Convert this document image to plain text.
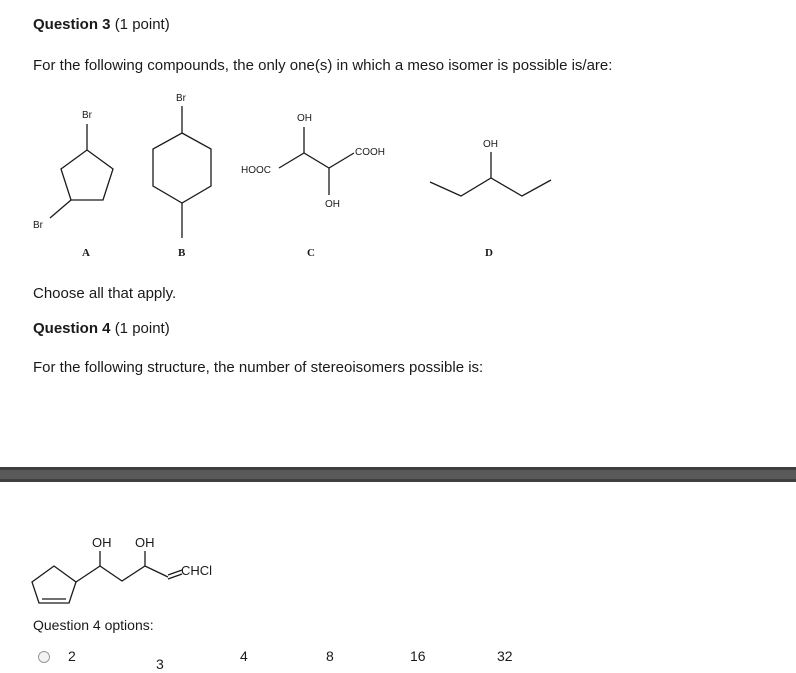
Question 3 (1 point)
For the following compounds, the only one(s) in which a meso isomer is possible is/are:
Br
Br
Br
HOOC
OH
COOH
OH
OH
A	B	C	D
Choose all that apply.
Question 4 (1 point)
For the following structure, the number of stereoisomers possible is:
OH OH
CHCl
Question 4 options:
2	3	4	8	16	32
